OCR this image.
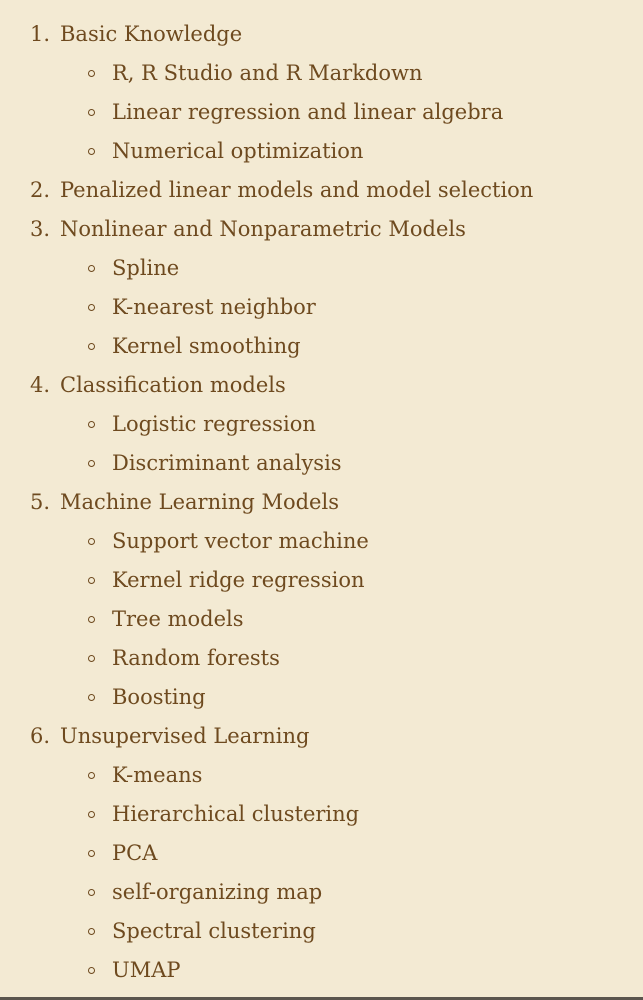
1. Basic Knowledge
R, R Studio and R Markdown
Linear regression and linear algebra
Numerical optimization
2. Penalized linear models and model selection
3. Nonlinear and Nonparametric Models
Spline
K-nearest neighbor
Kernel smoothing
4. Classification models
Logistic regression
Discriminant analysis
5. Machine Learning Models
Support vector machine
Kernel ridge regression
Tree models
Random forests
Boosting
6. Unsupervised Learning
K-means
Hierarchical clustering
PCA
self-organizing map
Spectral clustering
UMAP
